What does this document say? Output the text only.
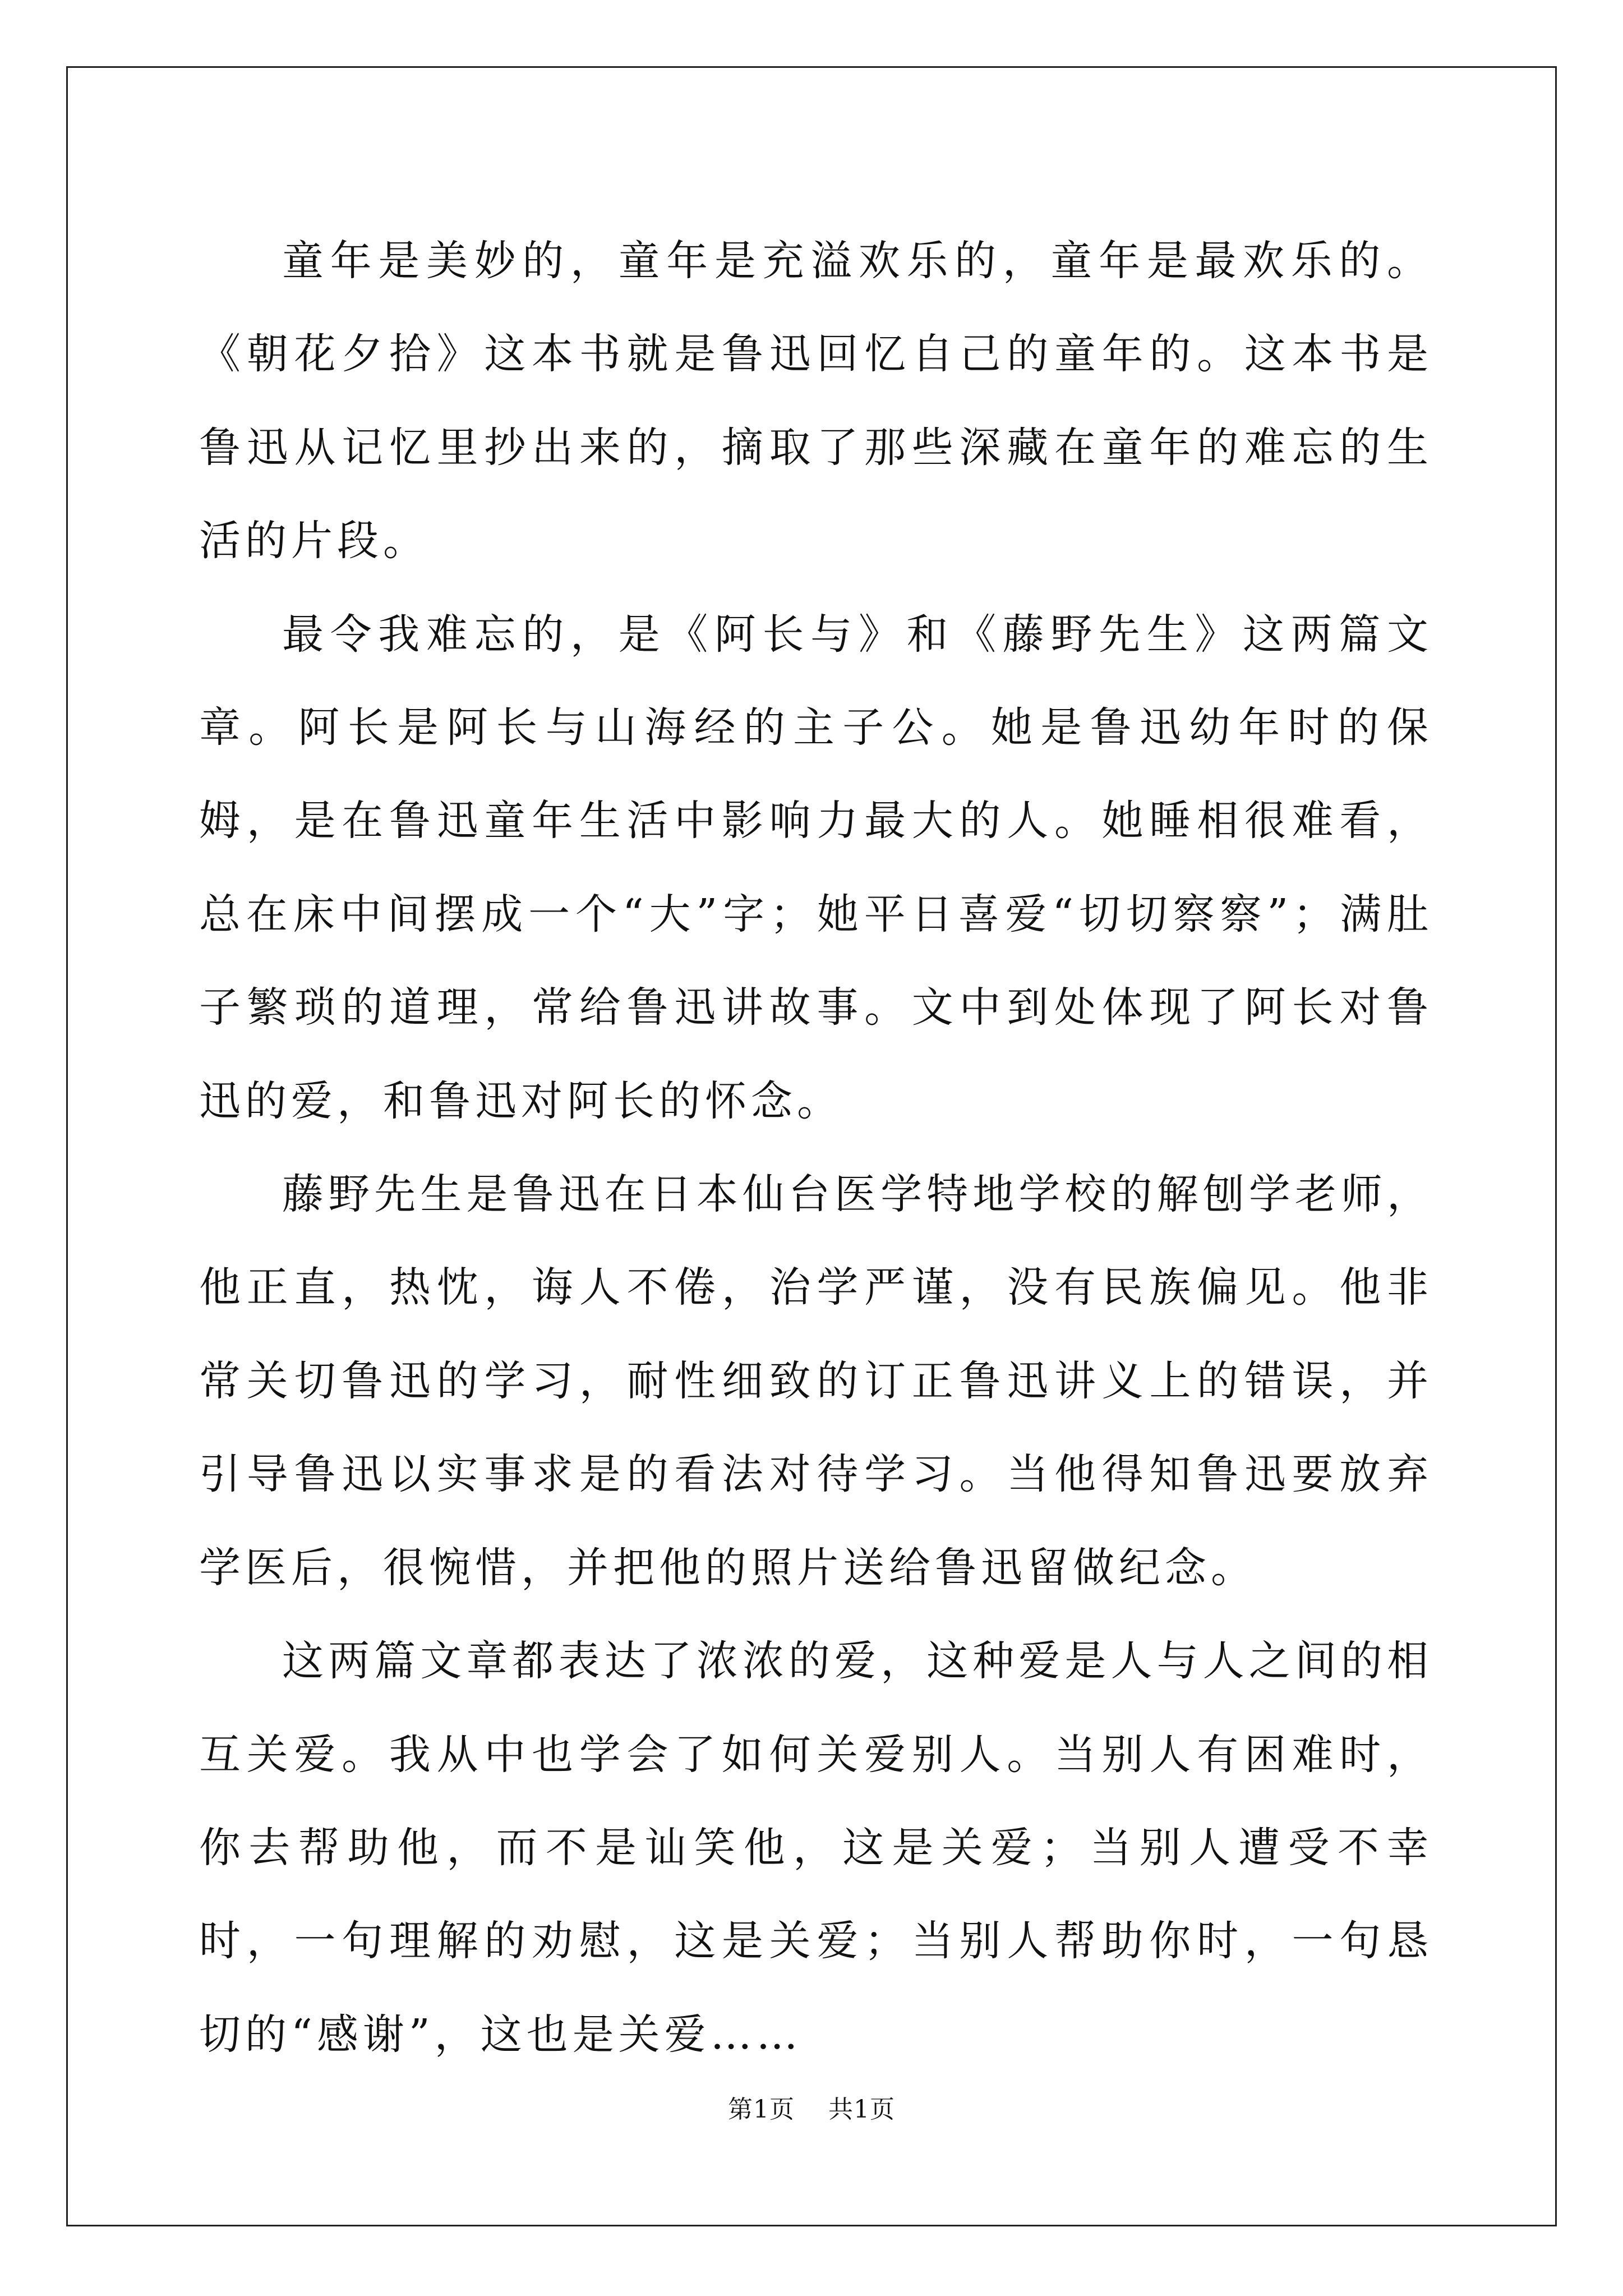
童年是美妙的，童年是充溢欢乐的，童年是最欢乐的。《朝花夕拾》这本书就是鲁迅回忆自己的童年的。这本书是鲁迅从记忆里抄出来的，摘取了那些深藏在童年的难忘的生活的片段。

最令我难忘的，是《阿长与》和《藤野先生》这两篇文章。阿长是阿长与山海经的主子公。她是鲁迅幼年时的保姆，是在鲁迅童年生活中影响力最大的人。她睡相很难看，总在床中间摆成一个“大”字；她平日喜爱“切切察察”；满肚子繁琐的道理，常给鲁迅讲故事。文中到处体现了阿长对鲁迅的爱，和鲁迅对阿长的怀念。

藤野先生是鲁迅在日本仙台医学特地学校的解刨学老师，他正直，热忱，诲人不倦，治学严谨，没有民族偏见。他非常关切鲁迅的学习，耐性细致的订正鲁迅讲义上的错误，并引导鲁迅以实事求是的看法对待学习。当他得知鲁迅要放弃学医后，很惋惜，并把他的照片送给鲁迅留做纪念。

这两篇文章都表达了浓浓的爱，这种爱是人与人之间的相互关爱。我从中也学会了如何关爱别人。当别人有困难时，你去帮助他，而不是讪笑他，这是关爱；当别人遭受不幸时，一句理解的劝慰，这是关爱；当别人帮助你时，一句恳切的“感谢”，这也是关爱……

第1页 共1页
